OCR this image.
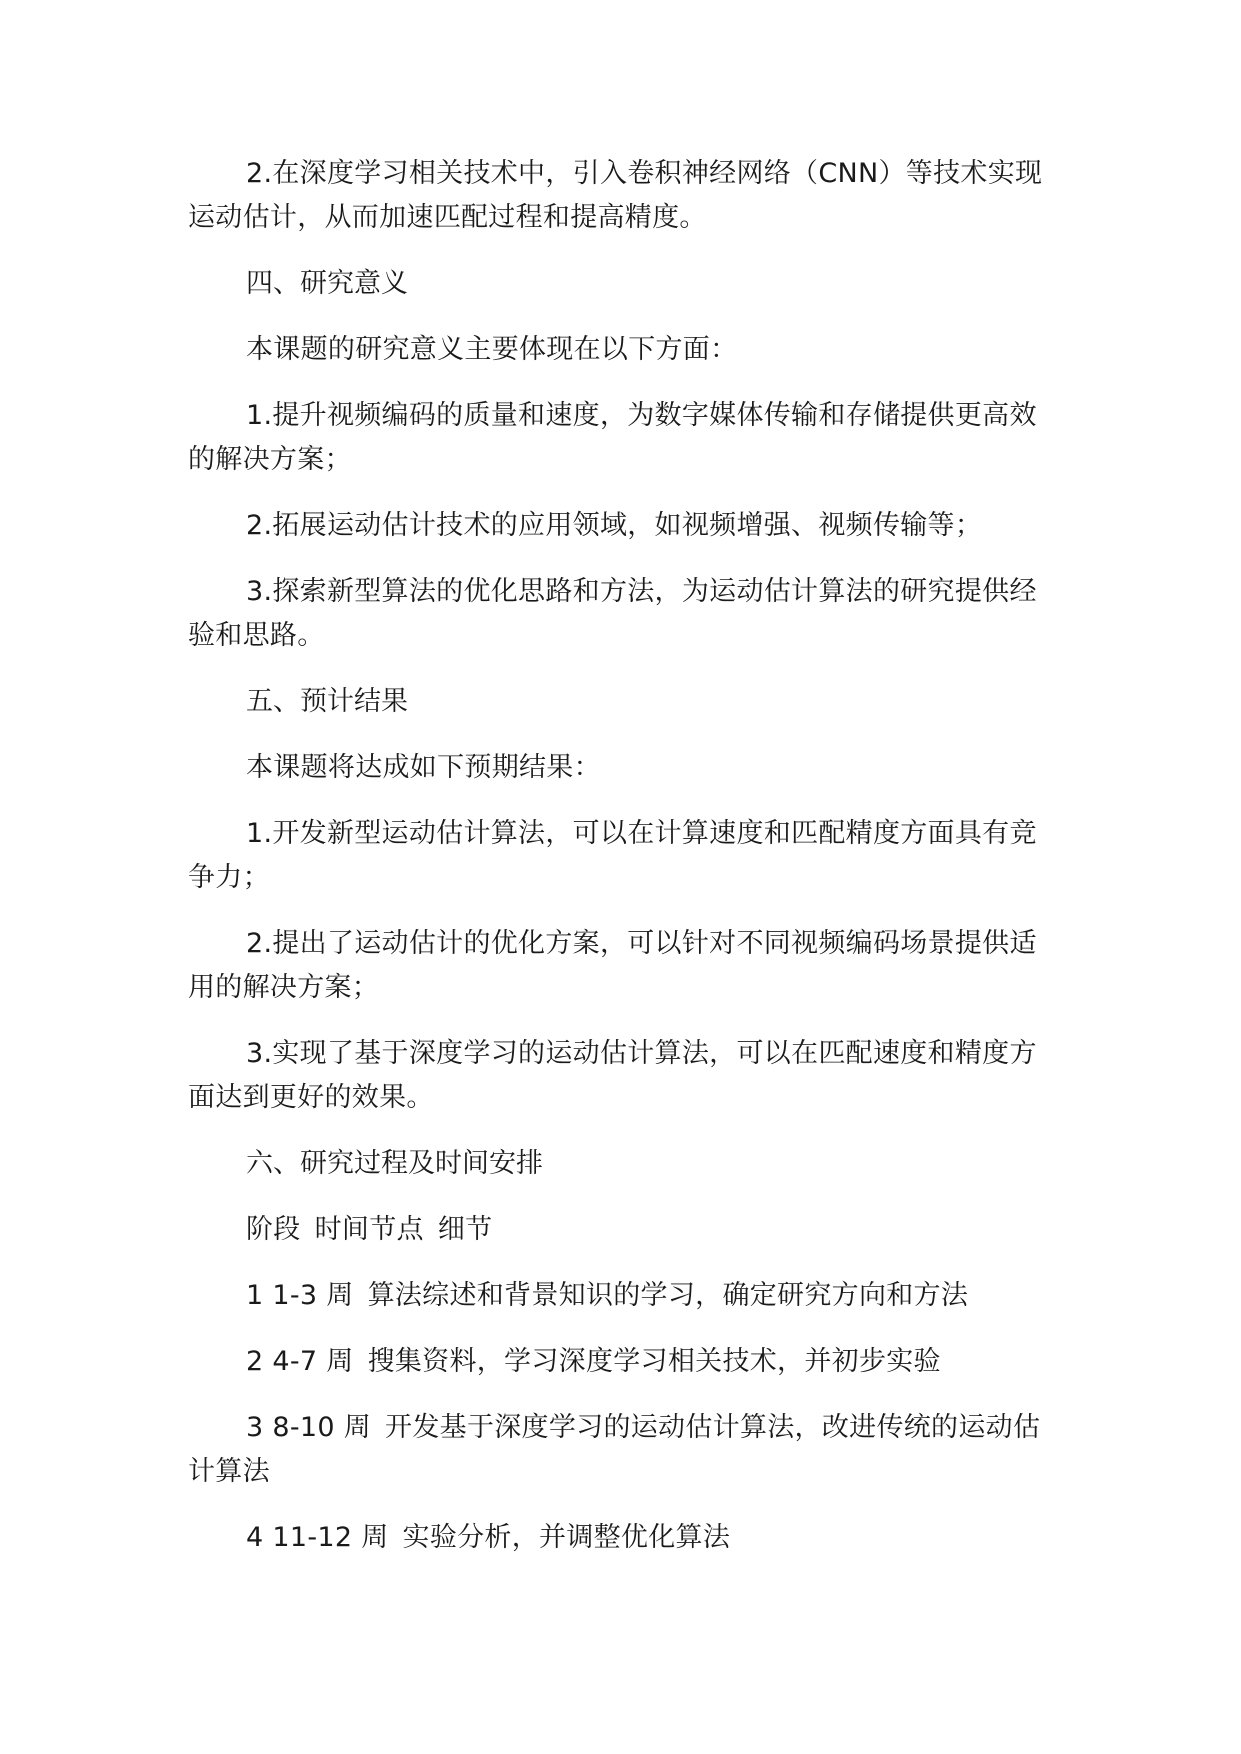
2.在深度学习相关技术中，引入卷积神经网络（CNN）等技术实现运动估计，从而加速匹配过程和提高精度。

四、研究意义

本课题的研究意义主要体现在以下方面：

1.提升视频编码的质量和速度，为数字媒体传输和存储提供更高效的解决方案；

2.拓展运动估计技术的应用领域，如视频增强、视频传输等；

3.探索新型算法的优化思路和方法，为运动估计算法的研究提供经验和思路。

五、预计结果

本课题将达成如下预期结果：

1.开发新型运动估计算法，可以在计算速度和匹配精度方面具有竞争力；

2.提出了运动估计的优化方案，可以针对不同视频编码场景提供适用的解决方案；

3.实现了基于深度学习的运动估计算法，可以在匹配速度和精度方面达到更好的效果。

六、研究过程及时间安排

阶段 时间节点 细节

1 1-3 周 算法综述和背景知识的学习，确定研究方向和方法

2 4-7 周 搜集资料，学习深度学习相关技术，并初步实验

3 8-10 周 开发基于深度学习的运动估计算法，改进传统的运动估计算法

4 11-12 周 实验分析，并调整优化算法
